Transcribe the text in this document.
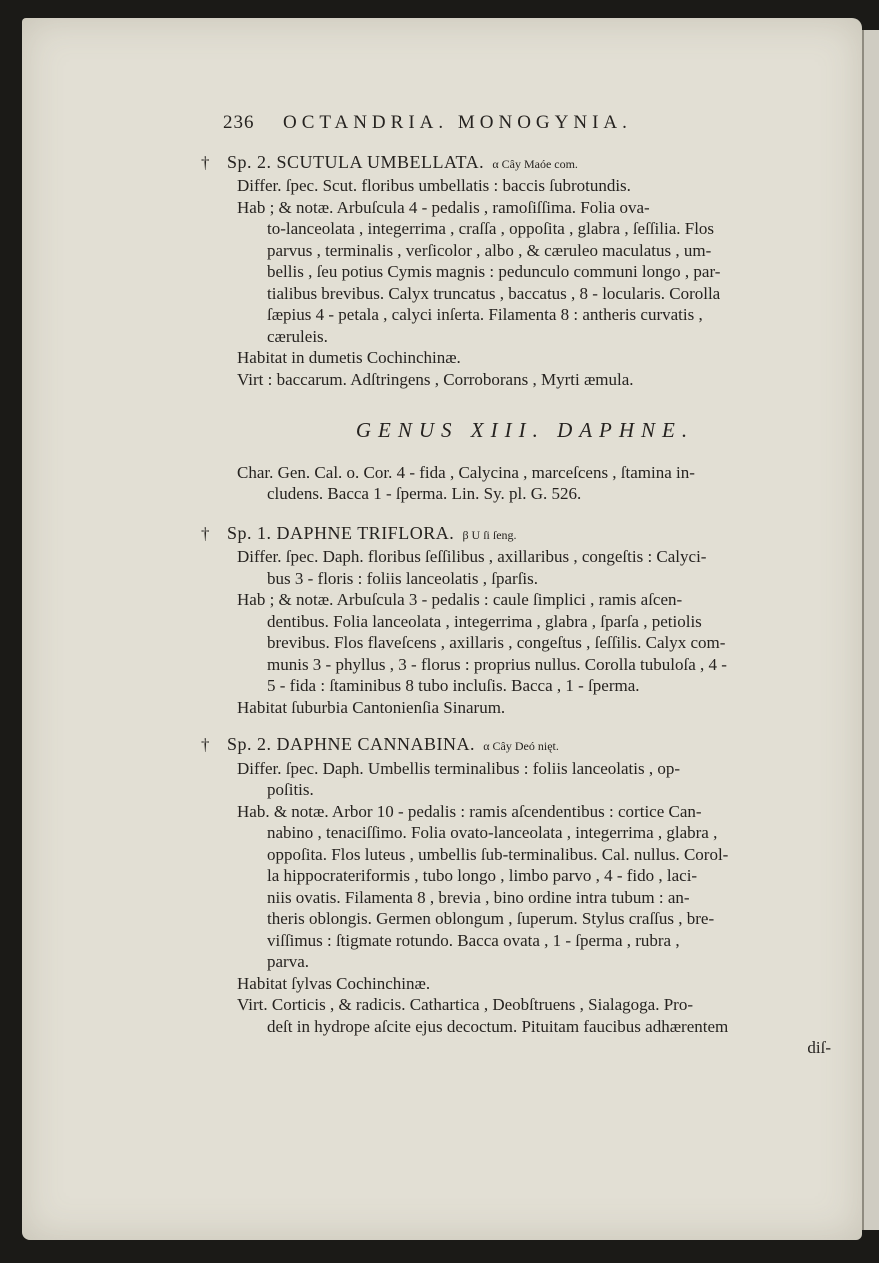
236	OCTANDRIA. MONOGYNIA.
† Sp. 2. SCUTULA UMBELLATA. α Cây Maóe com.
Differ. ſpec. Scut. floribus umbellatis : baccis ſubrotundis.
Hab ; & notæ. Arbuſcula 4 - pedalis , ramoſiſſima. Folia ova-
to-lanceolata , integerrima , craſſa , oppoſita , glabra , ſeſſilia. Flos
parvus , terminalis , verſicolor , albo , & cæruleo maculatus , um-
bellis , ſeu potius Cymis magnis : pedunculo communi longo , par-
tialibus brevibus. Calyx truncatus , baccatus , 8 - locularis. Corolla
ſæpius 4 - petala , calyci inſerta. Filamenta 8 : antheris curvatis ,
cæruleis.
Habitat in dumetis Cochinchinæ.
Virt : baccarum. Adſtringens , Corroborans , Myrti æmula.
GENUS XIII. DAPHNE.
Char. Gen. Cal. o. Cor. 4 - fida , Calycina , marceſcens , ſtamina in-
cludens. Bacca 1 - ſperma. Lin. Sy. pl. G. 526.
† Sp. 1. DAPHNE TRIFLORA. β U ſi ſeng.
Differ. ſpec. Daph. floribus ſeſſilibus , axillaribus , congeſtis : Calyci-
bus 3 - floris : foliis lanceolatis , ſparſis.
Hab ; & notæ. Arbuſcula 3 - pedalis : caule ſimplici , ramis aſcen-
dentibus. Folia lanceolata , integerrima , glabra , ſparſa , petiolis
brevibus. Flos flaveſcens , axillaris , congeſtus , ſeſſilis. Calyx com-
munis 3 - phyllus , 3 - florus : proprius nullus. Corolla tubuloſa , 4 -
5 - fida : ſtaminibus 8 tubo incluſis. Bacca , 1 - ſperma.
Habitat ſuburbia Cantonienſia Sinarum.
† Sp. 2. DAPHNE CANNABINA. α Cây Deó nięt.
Differ. ſpec. Daph. Umbellis terminalibus : foliis lanceolatis , op-
poſitis.
Hab. & notæ. Arbor 10 - pedalis : ramis aſcendentibus : cortice Can-
nabino , tenaciſſimo. Folia ovato-lanceolata , integerrima , glabra ,
oppoſita. Flos luteus , umbellis ſub-terminalibus. Cal. nullus. Corol-
la hippocrateriformis , tubo longo , limbo parvo , 4 - fido , laci-
niis ovatis. Filamenta 8 , brevia , bino ordine intra tubum : an-
theris oblongis. Germen oblongum , ſuperum. Stylus craſſus , bre-
viſſimus : ſtigmate rotundo. Bacca ovata , 1 - ſperma , rubra ,
parva.
Habitat ſylvas Cochinchinæ.
Virt. Corticis , & radicis. Cathartica , Deobſtruens , Sialagoga. Pro-
deſt in hydrope aſcite ejus decoctum. Pituitam faucibus adhærentem
diſ-
